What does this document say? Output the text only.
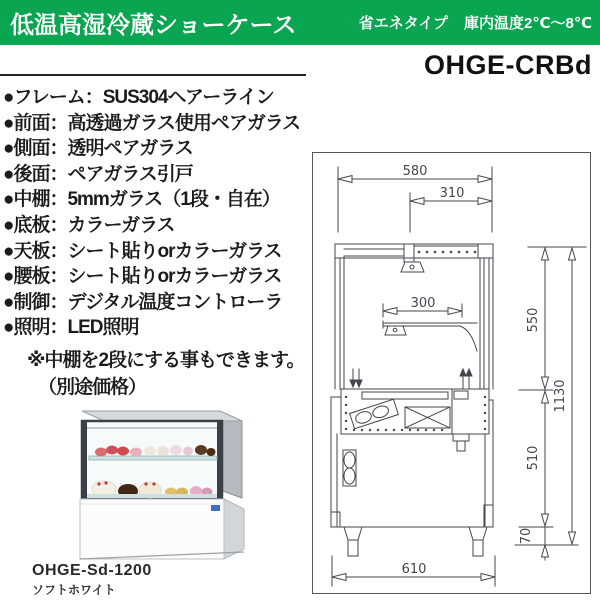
低温高湿冷蔵ショーケース	省エネタイプ 庫内温度2℃～8℃
OHGE-CRBd
●フレーム：SUS304ヘアーライン
●前面：高透過ガラス使用ペアガラス
●側面：透明ペアガラス
●後面：ペアガラス引戸
●中棚：5mmガラス（1段・自在）
●底板：カラーガラス
●天板：シート貼りorカラーガラス
●腰板：シート貼りorカラーガラス
●制御：デジタル温度コントローラ
●照明：LED照明
※中棚を2段にする事もできます。
（別途価格）
OHGE-Sd-1200
ソフトホワイト
580
310
300
550
510
70
1130
610
